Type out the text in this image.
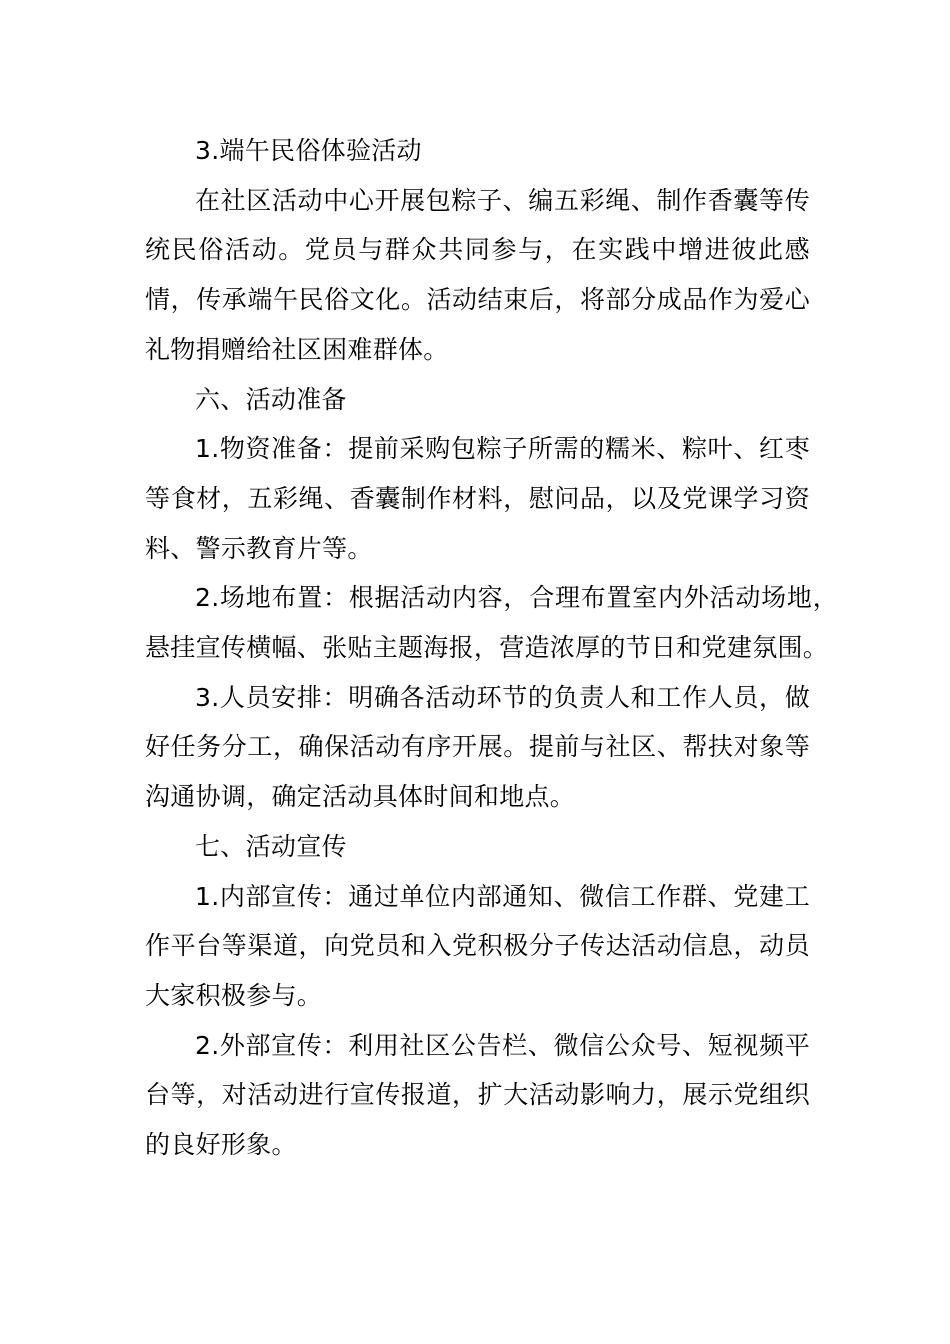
3.端午民俗体验活动

在社区活动中心开展包粽子、编五彩绳、制作香囊等传统民俗活动。党员与群众共同参与，在实践中增进彼此感情，传承端午民俗文化。活动结束后，将部分成品作为爱心礼物捐赠给社区困难群体。

六、活动准备

1.物资准备：提前采购包粽子所需的糯米、粽叶、红枣等食材，五彩绳、香囊制作材料，慰问品，以及党课学习资料、警示教育片等。

2.场地布置：根据活动内容，合理布置室内外活动场地，悬挂宣传横幅、张贴主题海报，营造浓厚的节日和党建氛围。

3.人员安排：明确各活动环节的负责人和工作人员，做好任务分工，确保活动有序开展。提前与社区、帮扶对象等沟通协调，确定活动具体时间和地点。

七、活动宣传

1.内部宣传：通过单位内部通知、微信工作群、党建工作平台等渠道，向党员和入党积极分子传达活动信息，动员大家积极参与。

2.外部宣传：利用社区公告栏、微信公众号、短视频平台等，对活动进行宣传报道，扩大活动影响力，展示党组织的良好形象。
